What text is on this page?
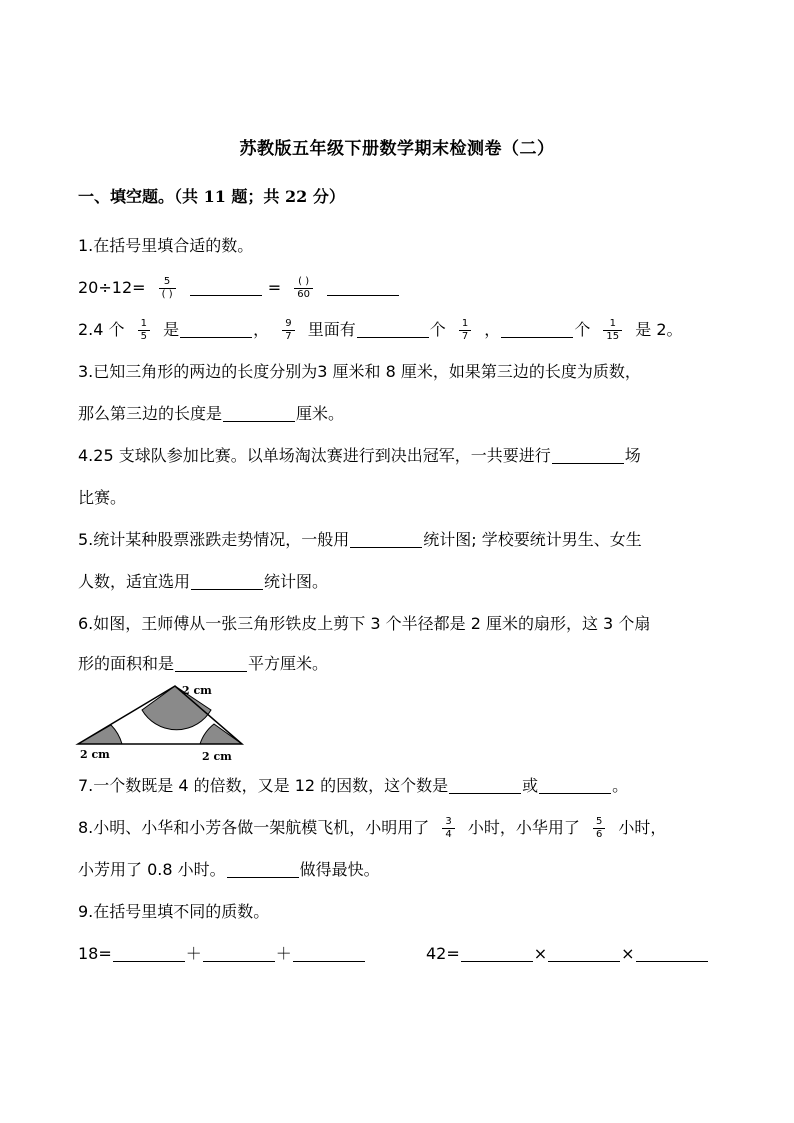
苏教版五年级下册数学期末检测卷（二）
一、填空题。（共 11 题；共 22 分）
1.在括号里填合适的数。
$20\div 12= \frac{5}{( )}$	= $\frac{( )}{60}$

2.4 个 $\frac{1}{5}$ 是	， $\frac{9}{7}$ 里面有	个 $\frac{1}{7}$ ，	个 $\frac{1}{15}$ 是 2。
3.已知三角形的两边的长度分别为3 厘米和 8 厘米，如果第三边的长度为质数，
那么第三边的长度是	厘米。
4.25 支球队参加比赛。以单场淘汰赛进行到决出冠军，一共要进行	场
比赛。
5.统计某种股票涨跌走势情况，一般用	统计图; 学校要统计男生、女生
人数，适宜选用	统计图。
6.如图，王师傅从一张三角形铁皮上剪下 3 个半径都是 2 厘米的扇形，这 3 个扇
形的面积和是	平方厘米。
2 cm
2 cm	2 cm
7.一个数既是 4 的倍数，又是 12 的因数，这个数是	或	。
8.小明、小华和小芳各做一架航模飞机，小明用了 $\frac{3}{4}$ 小时，小华用了 $\frac{5}{6}$ 小时，
小芳用了 0.8 小时。	做得最快。
9.在括号里填不同的质数。
18=	＋	＋	42=	×	×
